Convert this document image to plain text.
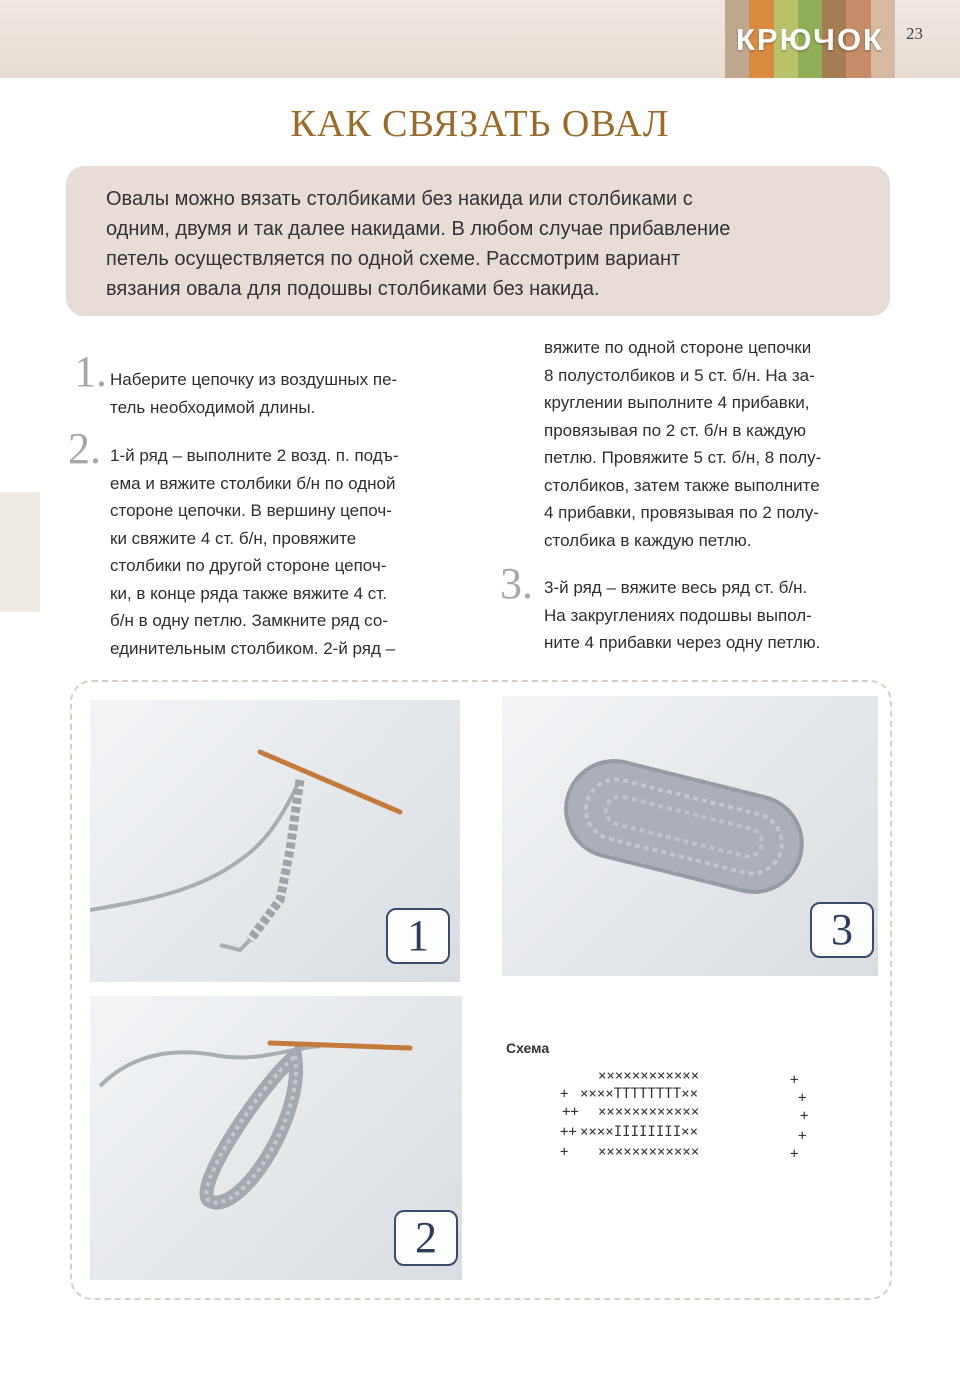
КРЮЧОК	23
КАК СВЯЗАТЬ ОВАЛ
Овалы можно вязать столбиками без накида или столбиками с
одним, двумя и так далее накидами. В любом случае прибавление
петель осуществляется по одной схеме. Рассмотрим вариант
вязания овала для подошвы столбиками без накида.
1. Наберите цепочку из воздушных пе-
тель необходимой длины.
2. 1-й ряд – выполните 2 возд. п. подъ-
ема и вяжите столбики б/н по одной
стороне цепочки. В вершину цепоч-
ки свяжите 4 ст. б/н, провяжите
столбики по другой стороне цепоч-
ки, в конце ряда также вяжите 4 ст.
б/н в одну петлю. Замкните ряд со-
единительным столбиком. 2-й ряд –
вяжите по одной стороне цепочки
8 полустолбиков и 5 ст. б/н. На за-
круглении выполните 4 прибавки,
провязывая по 2 ст. б/н в каждую
петлю. Провяжите 5 ст. б/н, 8 полу-
столбиков, затем также выполните
4 прибавки, провязывая по 2 полу-
столбика в каждую петлю.
3. 3-й ряд – вяжите весь ряд ст. б/н.
На закруглениях подошвы выпол-
ните 4 прибавки через одну петлю.
1
2
3
Схема
××××××××××××
××××TTTTTTTT××
××××××××××××
××××IIIIIIII××
××××××××××××
+
++
++
+
+
+
+
+
+
